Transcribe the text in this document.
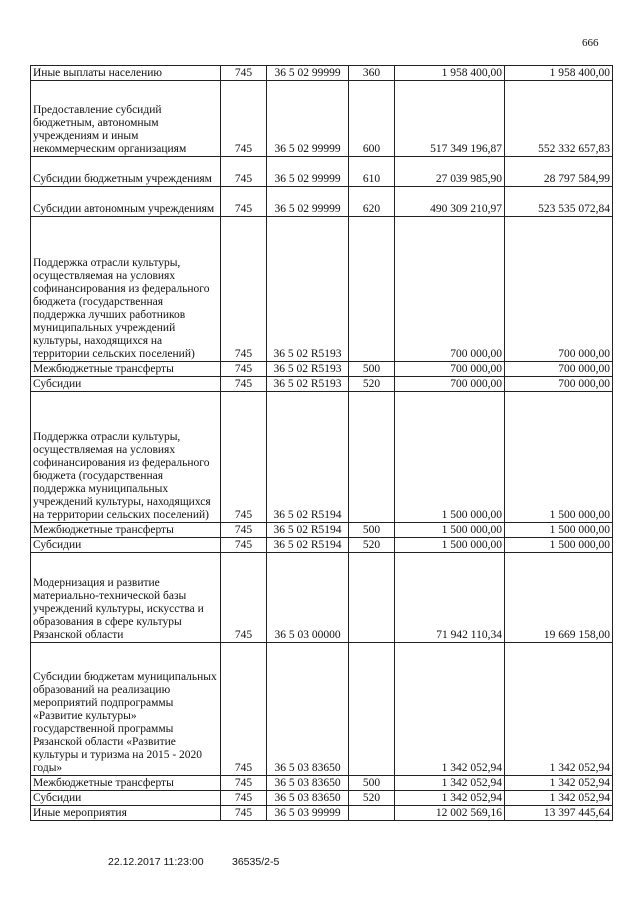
666
Иные выплаты населению	745	36 5 02 99999	360	1 958 400,00	1 958 400,00
Предоставление субсидий бюджетным, автономным учреждениям и иным некоммерческим организациям	745	36 5 02 99999	600	517 349 196,87	552 332 657,83
Субсидии бюджетным учреждениям	745	36 5 02 99999	610	27 039 985,90	28 797 584,99
Субсидии автономным учреждениям	745	36 5 02 99999	620	490 309 210,97	523 535 072,84
Поддержка отрасли культуры, осуществляемая на условиях софинансирования из федерального бюджета (государственная поддержка лучших работников муниципальных учреждений культуры, находящихся на территории сельских поселений)	745	36 5 02 R5193		700 000,00	700 000,00
Межбюджетные трансферты	745	36 5 02 R5193	500	700 000,00	700 000,00
Субсидии	745	36 5 02 R5193	520	700 000,00	700 000,00
Поддержка отрасли культуры, осуществляемая на условиях софинансирования из федерального бюджета (государственная поддержка муниципальных учреждений культуры, находящихся на территории сельских поселений)	745	36 5 02 R5194		1 500 000,00	1 500 000,00
Межбюджетные трансферты	745	36 5 02 R5194	500	1 500 000,00	1 500 000,00
Субсидии	745	36 5 02 R5194	520	1 500 000,00	1 500 000,00
Модернизация и развитие материально-технической базы учреждений культуры, искусства и образования в сфере культуры Рязанской области	745	36 5 03 00000		71 942 110,34	19 669 158,00
Субсидии бюджетам муниципальных образований на реализацию мероприятий подпрограммы «Развитие культуры» государственной программы Рязанской области «Развитие культуры и туризма на 2015 - 2020 годы»	745	36 5 03 83650		1 342 052,94	1 342 052,94
Межбюджетные трансферты	745	36 5 03 83650	500	1 342 052,94	1 342 052,94
Субсидии	745	36 5 03 83650	520	1 342 052,94	1 342 052,94
Иные мероприятия	745	36 5 03 99999		12 002 569,16	13 397 445,64
22.12.2017 11:23:00	36535/2-5
